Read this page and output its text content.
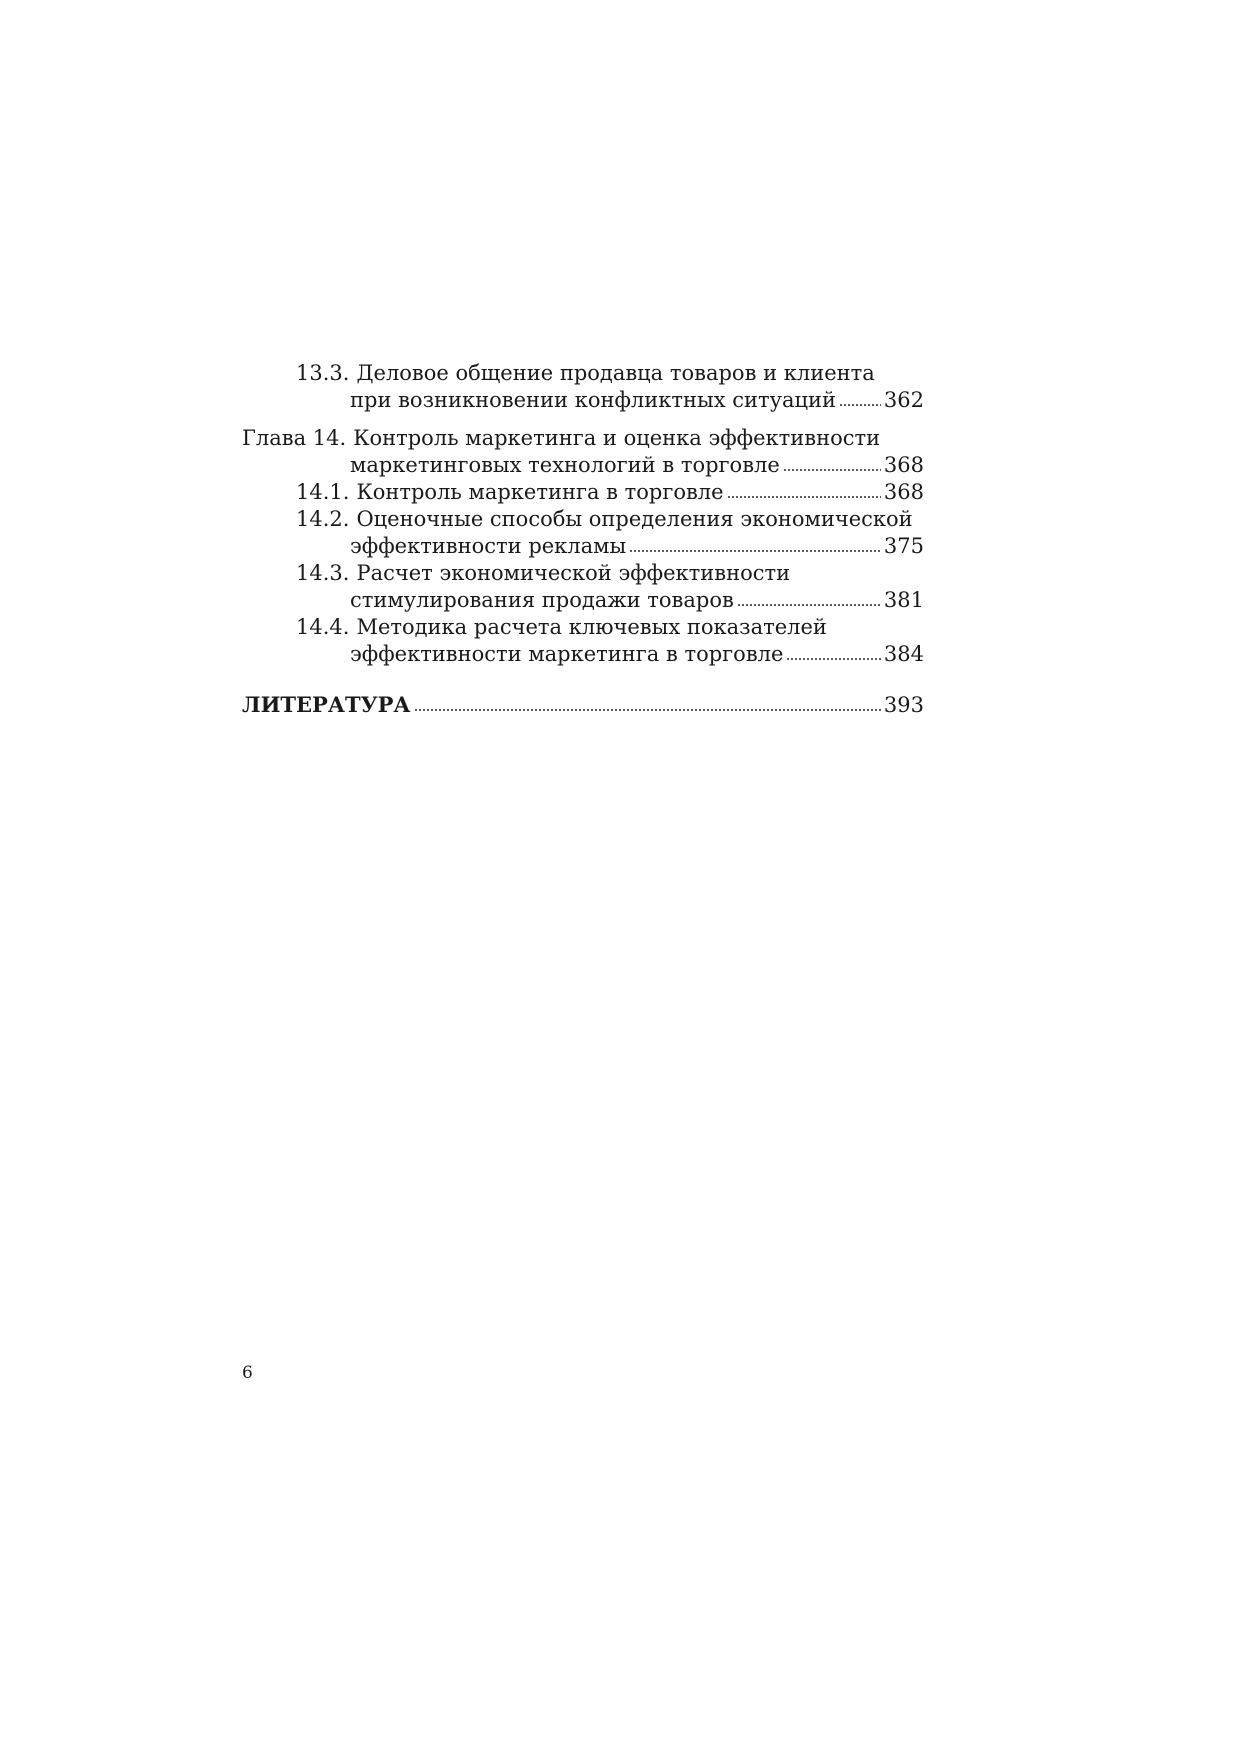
13.3. Деловое общение продавца товаров и клиента
при возникновении конфликтных ситуаций 362
Глава 14. Контроль маркетинга и оценка эффективности
маркетинговых технологий в торговле	368
14.1. Контроль маркетинга в торговле	368
14.2. Оценочные способы определения экономической
эффективности рекламы	375
14.3. Расчет экономической эффективности
стимулирования продажи товаров	381
14.4. Методика расчета ключевых показателей
эффективности маркетинга в торговле	384
ЛИТЕРАТУРА	393
6
